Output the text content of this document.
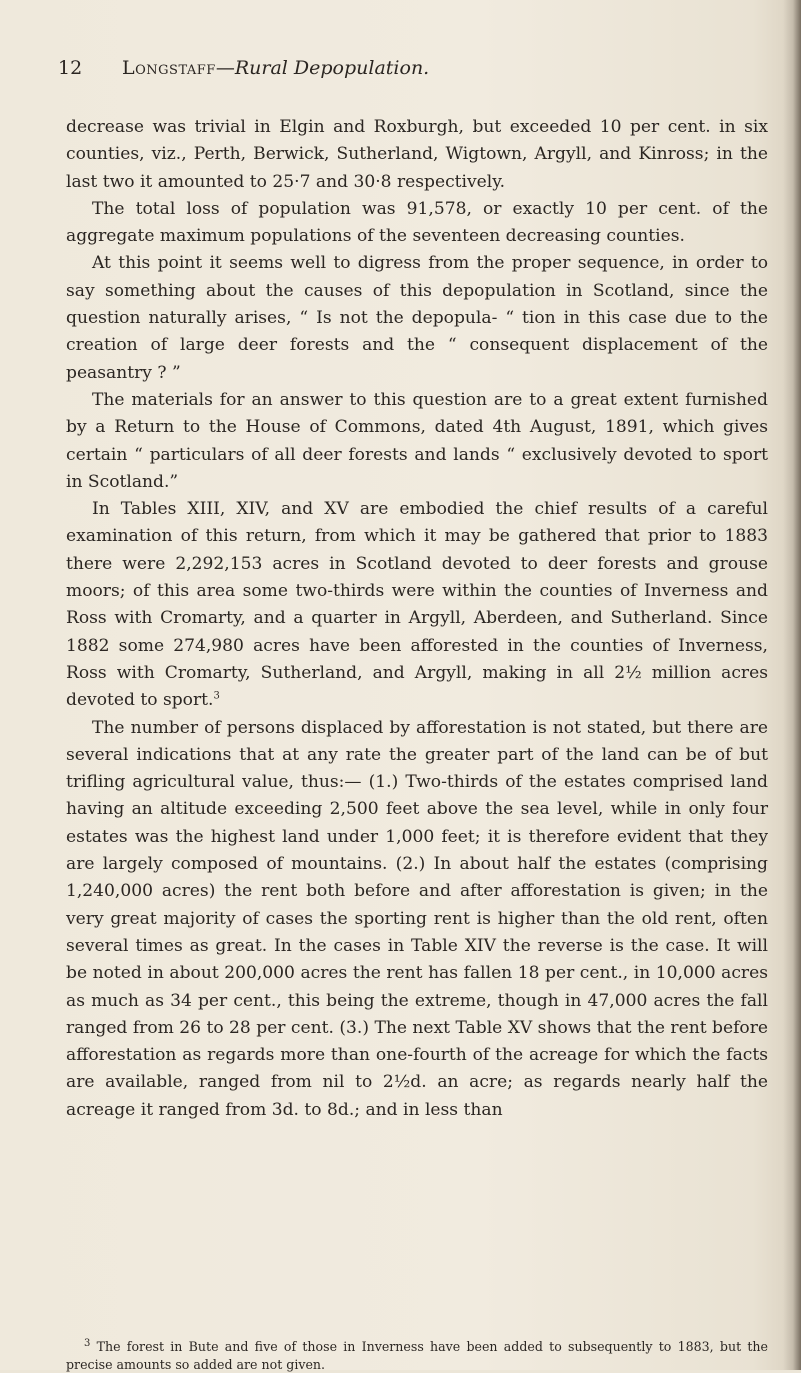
12 Longstaff—Rural Depopulation.

decrease was trivial in Elgin and Roxburgh, but exceeded 10 per cent. in six counties, viz., Perth, Berwick, Sutherland, Wigtown, Argyll, and Kinross; in the last two it amounted to 25·7 and 30·8 respectively.

The total loss of population was 91,578, or exactly 10 per cent. of the aggregate maximum populations of the seventeen decreasing counties.

At this point it seems well to digress from the proper sequence, in order to say something about the causes of this depopulation in Scotland, since the question naturally arises, “ Is not the depopula- “ tion in this case due to the creation of large deer forests and the “ consequent displacement of the peasantry ? ”

The materials for an answer to this question are to a great extent furnished by a Return to the House of Commons, dated 4th August, 1891, which gives certain “ particulars of all deer forests and lands “ exclusively devoted to sport in Scotland.”

In Tables XIII, XIV, and XV are embodied the chief results of a careful examination of this return, from which it may be gathered that prior to 1883 there were 2,292,153 acres in Scotland devoted to deer forests and grouse moors; of this area some two-thirds were within the counties of Inverness and Ross with Cromarty, and a quarter in Argyll, Aberdeen, and Sutherland. Since 1882 some 274,980 acres have been afforested in the counties of Inverness, Ross with Cromarty, Sutherland, and Argyll, making in all 2½ million acres devoted to sport.$^3$

The number of persons displaced by afforestation is not stated, but there are several indications that at any rate the greater part of the land can be of but trifling agricultural value, thus:— (1.) Two-thirds of the estates comprised land having an altitude exceeding 2,500 feet above the sea level, while in only four estates was the highest land under 1,000 feet; it is therefore evident that they are largely composed of mountains. (2.) In about half the estates (comprising 1,240,000 acres) the rent both before and after afforestation is given; in the very great majority of cases the sporting rent is higher than the old rent, often several times as great. In the cases in Table XIV the reverse is the case. It will be noted in about 200,000 acres the rent has fallen 18 per cent., in 10,000 acres as much as 34 per cent., this being the extreme, though in 47,000 acres the fall ranged from 26 to 28 per cent. (3.) The next Table XV shows that the rent before afforestation as regards more than one-fourth of the acreage for which the facts are available, ranged from nil to 2½d. an acre; as regards nearly half the acreage it ranged from 3d. to 8d.; and in less than

$^3$ The forest in Bute and five of those in Inverness have been added to subsequently to 1883, but the precise amounts so added are not given.
